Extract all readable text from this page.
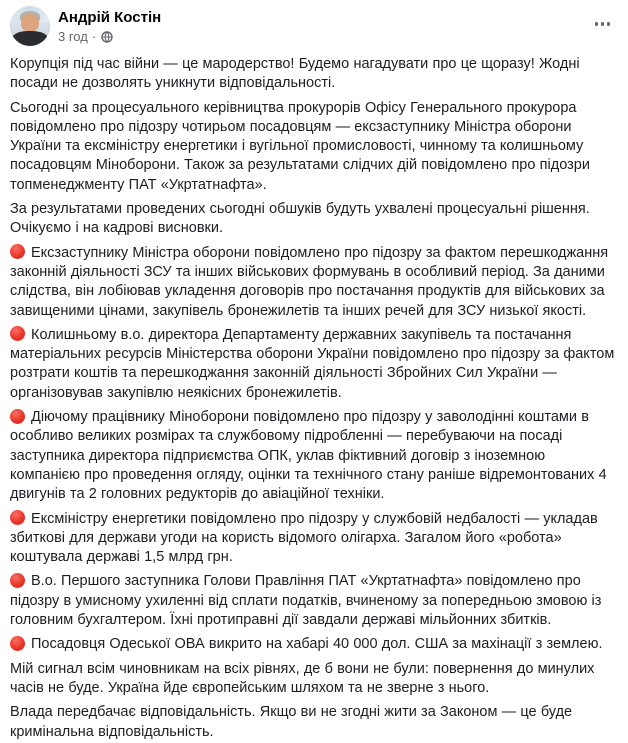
Андрій Костін
3 год ·

Корупція під час війни — це мародерство! Будемо нагадувати про це щоразу! Жодні посади не дозволять уникнути відповідальності.

Сьогодні за процесуального керівництва прокурорів Офісу Генерального прокурора повідомлено про підозру чотирьом посадовцям — ексзаступнику Міністра оборони України та ексміністру енергетики і вугільної промисловості, чинному та колишньому посадовцям Міноборони. Також за результатами слідчих дій повідомлено про підозри топменеджменту ПАТ «Укртатнафта».

За результатами проведених сьогодні обшуків будуть ухвалені процесуальні рішення. Очікуємо і на кадрові висновки.

Ексзаступнику Міністра оборони повідомлено про підозру за фактом перешкоджання законній діяльності ЗСУ та інших військових формувань в особливий період. За даними слідства, він лобіював укладення договорів про постачання продуктів для військових за завищеними цінами, закупівель бронежилетів та інших речей для ЗСУ низької якості.

Колишньому в.о. директора Департаменту державних закупівель та постачання матеріальних ресурсів Міністерства оборони України повідомлено про підозру за фактом розтрати коштів та перешкоджання законній діяльності Збройних Сил України — організовував закупівлю неякісних бронежилетів.

Діючому працівнику Міноборони повідомлено про підозру у заволодінні коштами в особливо великих розмірах та службовому підробленні — перебуваючи на посаді заступника директора підприємства ОПК, уклав фіктивний договір з іноземною компанією про проведення огляду, оцінки та технічного стану раніше відремонтованих 4 двигунів та 2 головних редукторів до авіаційної техніки.

Ексміністру енергетики повідомлено про підозру у службовій недбалості — укладав збиткові для держави угоди на користь відомого олігарха. Загалом його «робота» коштувала державі 1,5 млрд грн.

В.о. Першого заступника Голови Правління ПАТ «Укртатнафта» повідомлено про підозру в умисному ухиленні від сплати податків, вчиненому за попередньою змовою із головним бухгалтером. Їхні протиправні дії завдали державі мільйонних збитків.

Посадовця Одеської ОВА викрито на хабарі 40 000 дол. США за махінації з землею.

Мій сигнал всім чиновникам на всіх рівнях, де б вони не були: повернення до минулих часів не буде. Україна йде європейським шляхом та не зверне з нього.

Влада передбачає відповідальність. Якщо ви не згодні жити за Законом — це буде кримінальна відповідальність.
